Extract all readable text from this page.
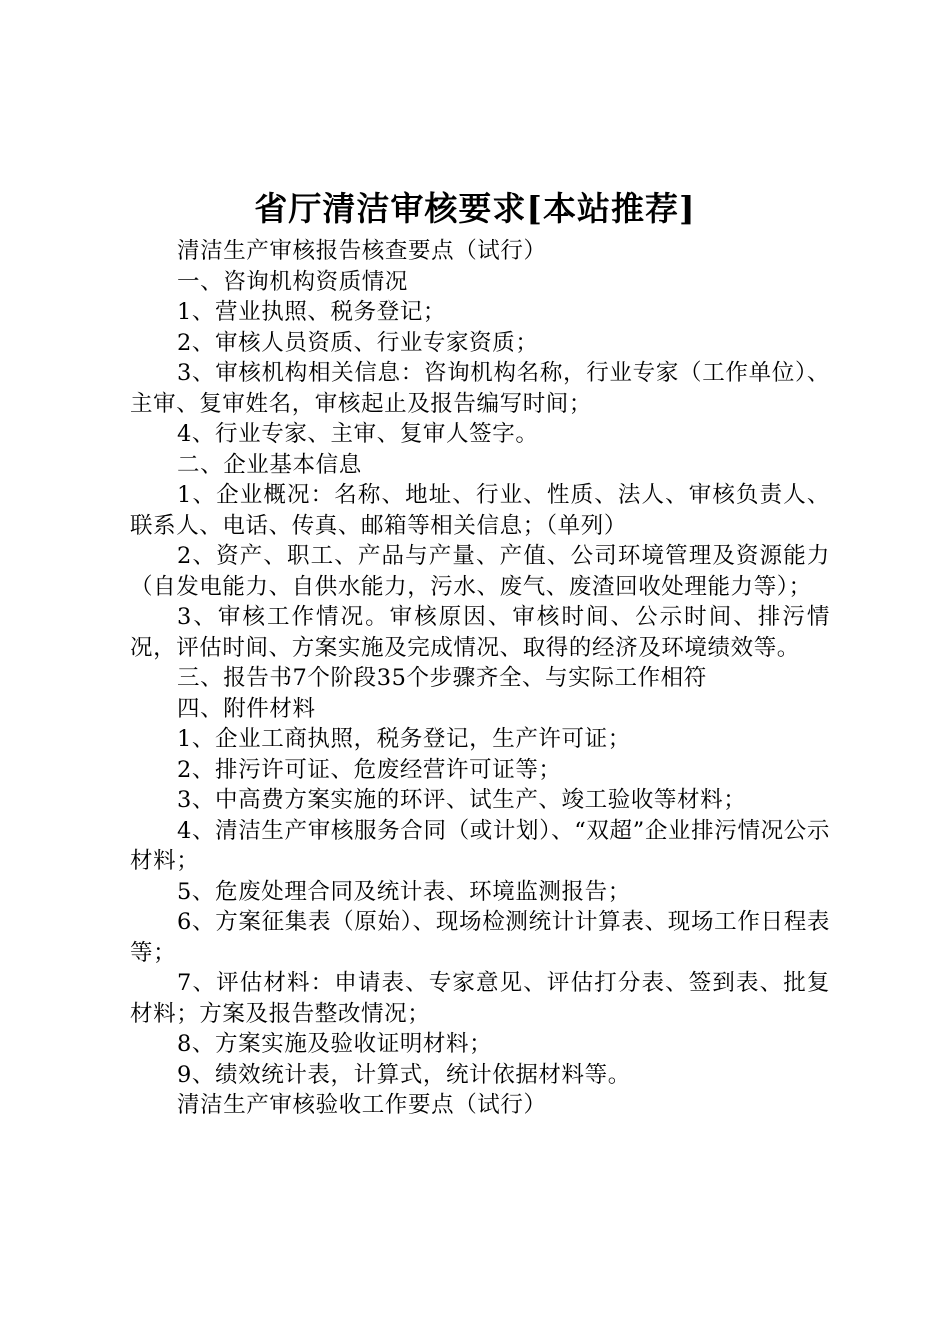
省厅清洁审核要求[本站推荐]

清洁生产审核报告核查要点（试行）

一、咨询机构资质情况

1、营业执照、税务登记；

2、审核人员资质、行业专家资质；

3、审核机构相关信息：咨询机构名称，行业专家（工作单位）、主审、复审姓名，审核起止及报告编写时间；

4、行业专家、主审、复审人签字。

二、企业基本信息

1、企业概况：名称、地址、行业、性质、法人、审核负责人、联系人、电话、传真、邮箱等相关信息；（单列）

2、资产、职工、产品与产量、产值、公司环境管理及资源能力（自发电能力、自供水能力，污水、废气、废渣回收处理能力等）；

3、审核工作情况。审核原因、审核时间、公示时间、排污情况，评估时间、方案实施及完成情况、取得的经济及环境绩效等。

三、报告书7个阶段35个步骤齐全、与实际工作相符

四、附件材料

1、企业工商执照，税务登记，生产许可证；

2、排污许可证、危废经营许可证等；

3、中高费方案实施的环评、试生产、竣工验收等材料；

4、清洁生产审核服务合同（或计划）、“双超”企业排污情况公示材料；

5、危废处理合同及统计表、环境监测报告；

6、方案征集表（原始）、现场检测统计计算表、现场工作日程表等；

7、评估材料：申请表、专家意见、评估打分表、签到表、批复材料；方案及报告整改情况；

8、方案实施及验收证明材料；

9、绩效统计表，计算式，统计依据材料等。

清洁生产审核验收工作要点（试行）
